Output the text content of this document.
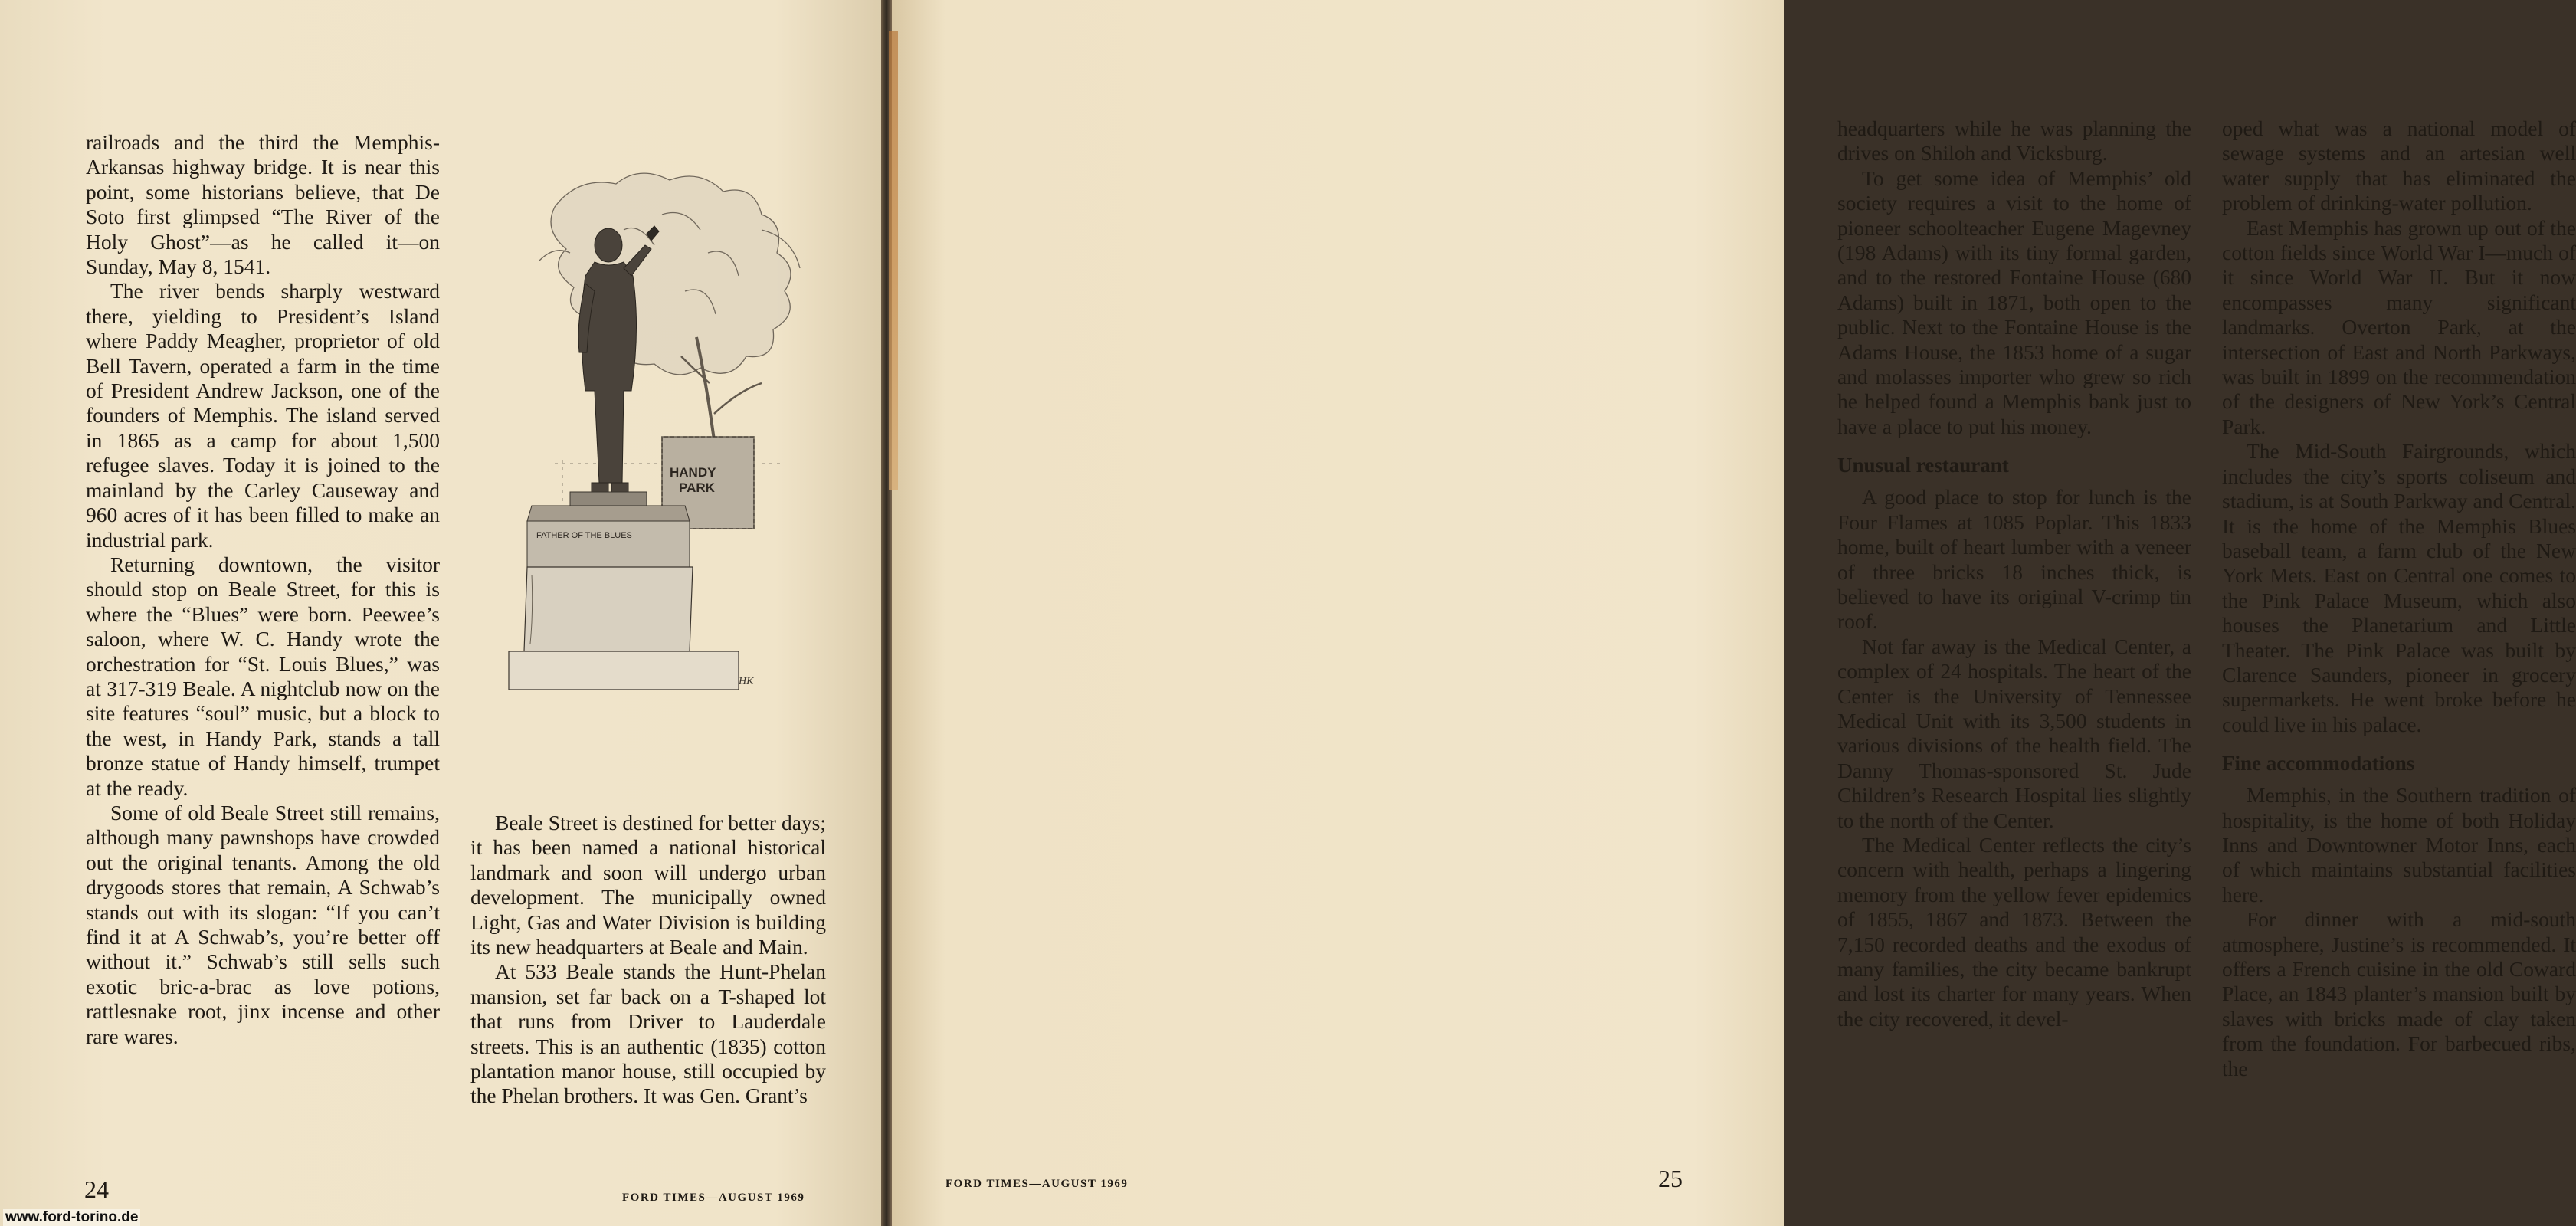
railroads and the third the Memphis-Arkansas highway bridge. It is near this point, some historians believe, that De Soto first glimpsed “The River of the Holy Ghost”—as he called it—on Sunday, May 8, 1541.

The river bends sharply westward there, yielding to President’s Island where Paddy Meagher, proprietor of old Bell Tavern, operated a farm in the time of President Andrew Jackson, one of the founders of Memphis. The island served in 1865 as a camp for about 1,500 refugee slaves. Today it is joined to the mainland by the Carley Causeway and 960 acres of it has been filled to make an industrial park.

Returning downtown, the visitor should stop on Beale Street, for this is where the “Blues” were born. Peewee’s saloon, where W. C. Handy wrote the orchestration for “St. Louis Blues,” was at 317-319 Beale. A nightclub now on the site features “soul” music, but a block to the west, in Handy Park, stands a tall bronze statue of Handy himself, trumpet at the ready.

Some of old Beale Street still remains, although many pawnshops have crowded out the original tenants. Among the old drygoods stores that remain, A Schwab’s stands out with its slogan: “If you can’t find it at A Schwab’s, you’re better off without it.” Schwab’s still sells such exotic bric-a-brac as love potions, rattlesnake root, jinx incense and other rare wares.

HANDY
PARK
FATHER OF THE BLUES
HK

Beale Street is destined for better days; it has been named a national historical landmark and soon will undergo urban development. The municipally owned Light, Gas and Water Division is building its new headquarters at Beale and Main.

At 533 Beale stands the Hunt-Phelan mansion, set far back on a T-shaped lot that runs from Driver to Lauderdale streets. This is an authentic (1835) cotton plantation manor house, still occupied by the Phelan brothers. It was Gen. Grant’s

24	FORD TIMES—AUGUST 1969
www.ford-torino.de

headquarters while he was planning the drives on Shiloh and Vicksburg.

To get some idea of Memphis’ old society requires a visit to the home of pioneer schoolteacher Eugene Magevney (198 Adams) with its tiny formal garden, and to the restored Fontaine House (680 Adams) built in 1871, both open to the public. Next to the Fontaine House is the Adams House, the 1853 home of a sugar and molasses importer who grew so rich he helped found a Memphis bank just to have a place to put his money.

Unusual restaurant

A good place to stop for lunch is the Four Flames at 1085 Poplar. This 1833 home, built of heart lumber with a veneer of three bricks 18 inches thick, is believed to have its original V-crimp tin roof.

Not far away is the Medical Center, a complex of 24 hospitals. The heart of the Center is the University of Tennessee Medical Unit with its 3,500 students in various divisions of the health field. The Danny Thomas-sponsored St. Jude Children’s Research Hospital lies slightly to the north of the Center.

The Medical Center reflects the city’s concern with health, perhaps a lingering memory from the yellow fever epidemics of 1855, 1867 and 1873. Between the 7,150 recorded deaths and the exodus of many families, the city became bankrupt and lost its charter for many years. When the city recovered, it devel-

oped what was a national model of sewage systems and an artesian well water supply that has eliminated the problem of drinking-water pollution.

East Memphis has grown up out of the cotton fields since World War I—much of it since World War II. But it now encompasses many significant landmarks. Overton Park, at the intersection of East and North Parkways, was built in 1899 on the recommendation of the designers of New York’s Central Park.

The Mid-South Fairgrounds, which includes the city’s sports coliseum and stadium, is at South Parkway and Central. It is the home of the Memphis Blues baseball team, a farm club of the New York Mets. East on Central one comes to the Pink Palace Museum, which also houses the Planetarium and Little Theater. The Pink Palace was built by Clarence Saunders, pioneer in grocery supermarkets. He went broke before he could live in his palace.

Fine accommodations

Memphis, in the Southern tradition of hospitality, is the home of both Holiday Inns and Downtowner Motor Inns, each of which maintains substantial facilities here.

For dinner with a mid-south atmosphere, Justine’s is recommended. It offers a French cuisine in the old Coward Place, an 1843 planter’s mansion built by slaves with bricks made of clay taken from the foundation. For barbecued ribs, the

25
FORD TIMES—AUGUST 1969
